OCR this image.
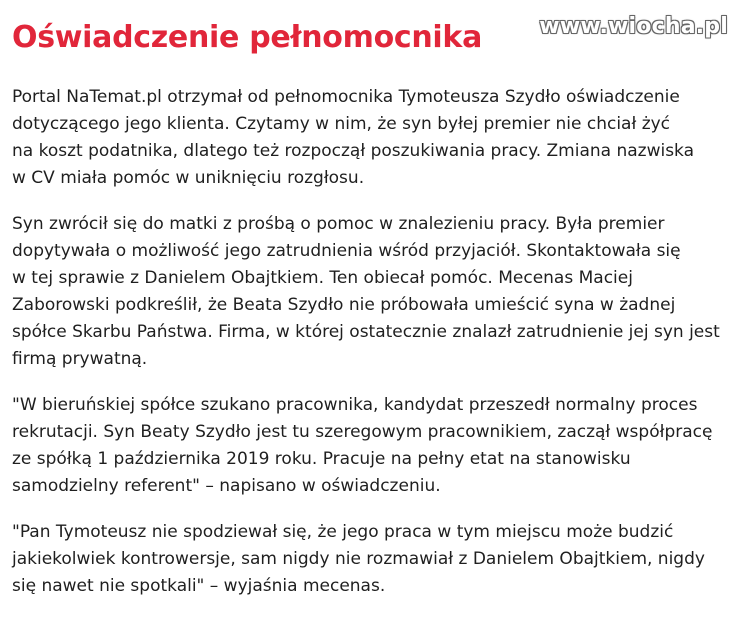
www.wiocha.pl
Oświadczenie pełnomocnika

Portal NaTemat.pl otrzymał od pełnomocnika Tymoteusza Szydło oświadczenie
dotyczącego jego klienta. Czytamy w nim, że syn byłej premier nie chciał żyć
na koszt podatnika, dlatego też rozpoczął poszukiwania pracy. Zmiana nazwiska
w CV miała pomóc w uniknięciu rozgłosu.

Syn zwrócił się do matki z prośbą o pomoc w znalezieniu pracy. Była premier
dopytywała o możliwość jego zatrudnienia wśród przyjaciół. Skontaktowała się
w tej sprawie z Danielem Obajtkiem. Ten obiecał pomóc. Mecenas Maciej
Zaborowski podkreślił, że Beata Szydło nie próbowała umieścić syna w żadnej
spółce Skarbu Państwa. Firma, w której ostatecznie znalazł zatrudnienie jej syn jest
firmą prywatną.

"W bieruńskiej spółce szukano pracownika, kandydat przeszedł normalny proces
rekrutacji. Syn Beaty Szydło jest tu szeregowym pracownikiem, zaczął współpracę
ze spółką 1 października 2019 roku. Pracuje na pełny etat na stanowisku
samodzielny referent" – napisano w oświadczeniu.

"Pan Tymoteusz nie spodziewał się, że jego praca w tym miejscu może budzić
jakiekolwiek kontrowersje, sam nigdy nie rozmawiał z Danielem Obajtkiem, nigdy
się nawet nie spotkali" – wyjaśnia mecenas.
